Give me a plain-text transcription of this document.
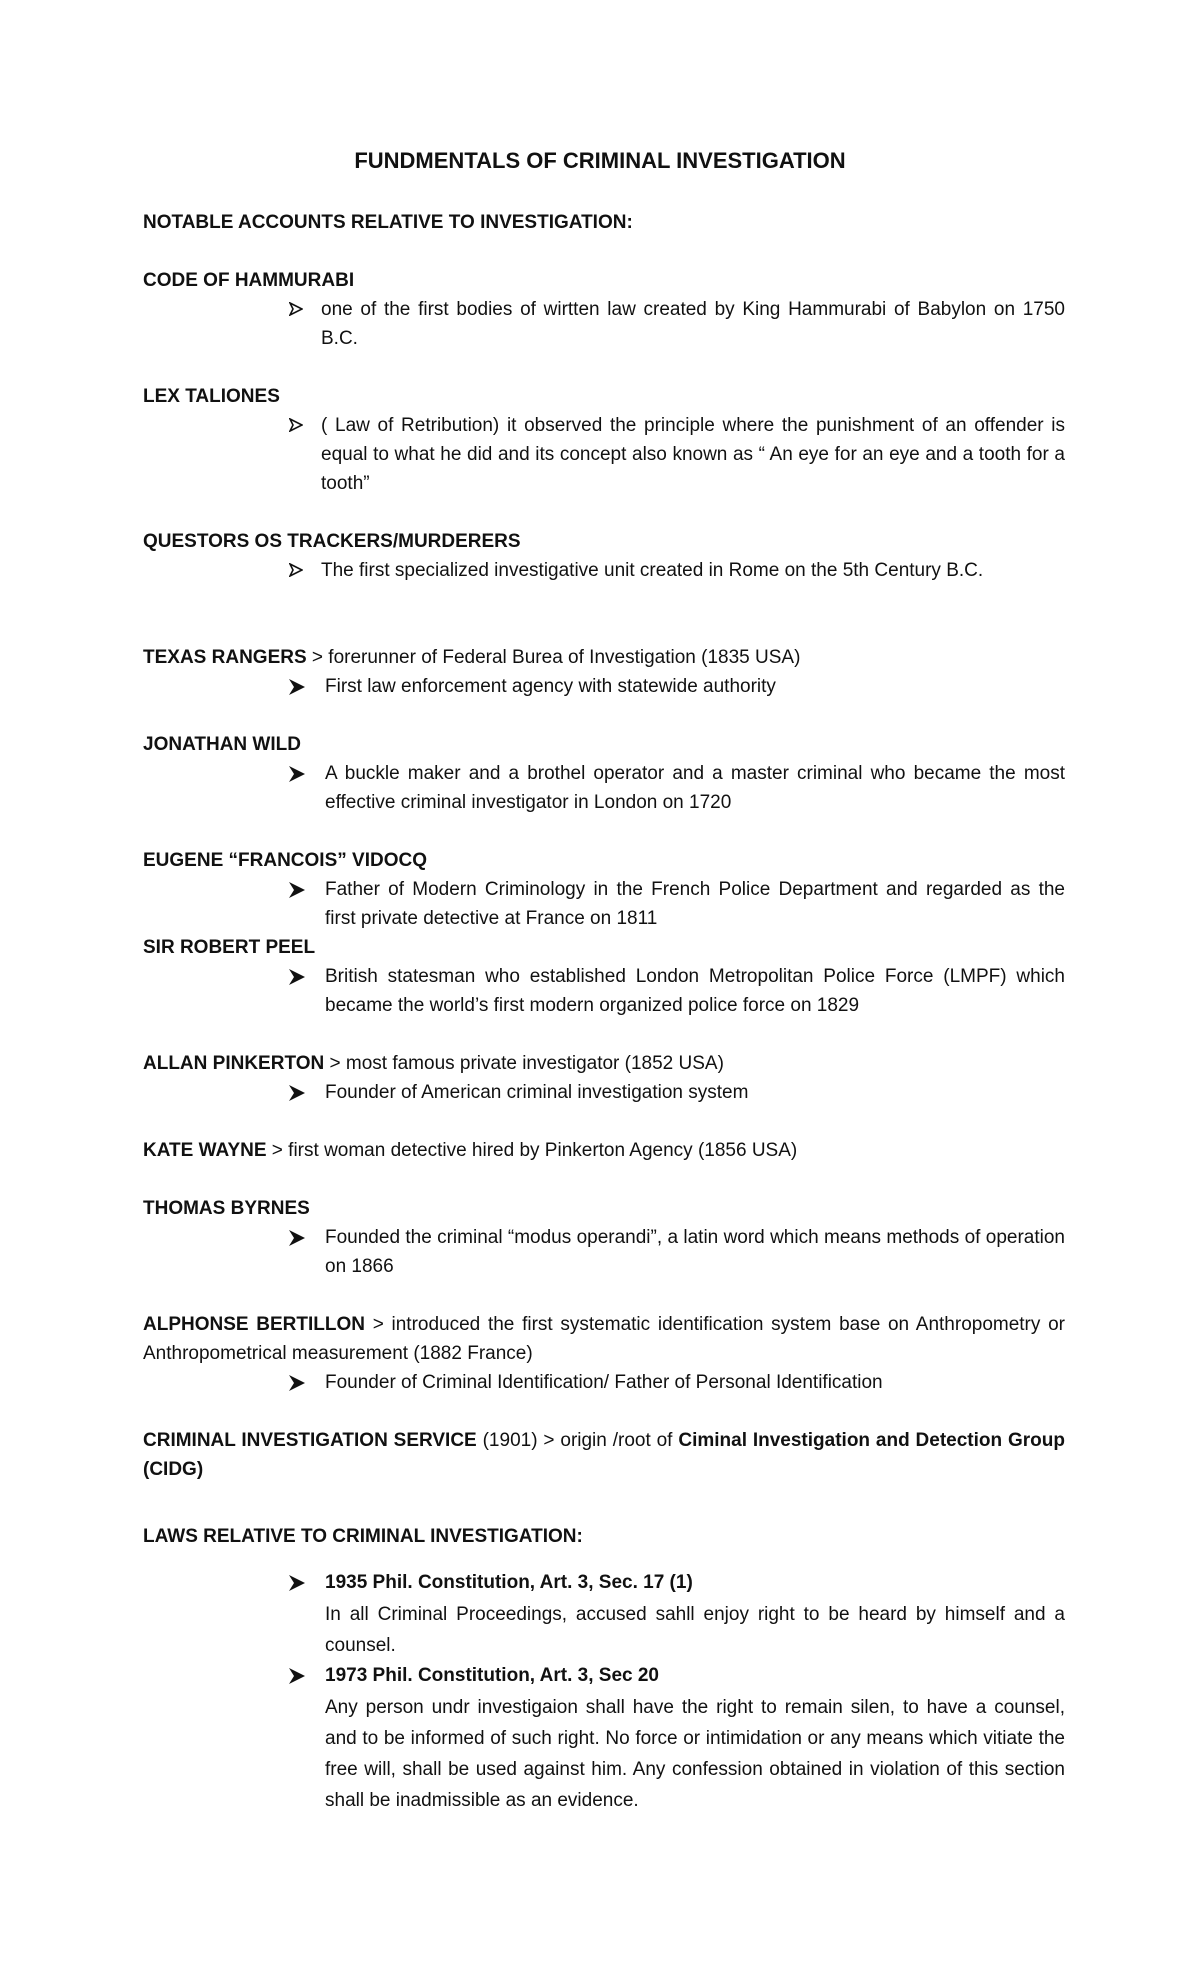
FUNDMENTALS OF CRIMINAL INVESTIGATION
NOTABLE ACCOUNTS RELATIVE TO INVESTIGATION:
CODE OF HAMMURABI
one of the first bodies of wirtten law created by King Hammurabi of Babylon on 1750 B.C.
LEX TALIONES
( Law of Retribution) it observed the principle where the punishment of an offender is equal to what he did and its concept also known as “ An eye for an eye and a tooth for a tooth”
QUESTORS OS TRACKERS/MURDERERS
The first specialized investigative unit created in Rome on the 5th Century B.C.
TEXAS RANGERS > forerunner of Federal Burea of Investigation (1835 USA)
First law enforcement agency with statewide authority
JONATHAN WILD
A buckle maker and a brothel operator and a master criminal who became the most effective criminal investigator in London on 1720
EUGENE “FRANCOIS” VIDOCQ
Father of Modern Criminology in the French Police Department and regarded as the first private detective at France on 1811
SIR ROBERT PEEL
British statesman who established London Metropolitan Police Force (LMPF) which became the world’s first modern organized police force on 1829
ALLAN PINKERTON > most famous private investigator (1852 USA)
Founder of American criminal investigation system
KATE WAYNE > first woman detective hired by Pinkerton Agency (1856 USA)
THOMAS BYRNES
Founded the criminal “modus operandi”, a latin word which means methods of operation on 1866
ALPHONSE BERTILLON > introduced the first systematic identification system base on Anthropometry or Anthropometrical measurement (1882 France)
Founder of Criminal Identification/ Father of Personal Identification
CRIMINAL INVESTIGATION SERVICE (1901) > origin /root of Ciminal Investigation and Detection Group (CIDG)
LAWS RELATIVE TO CRIMINAL INVESTIGATION:
1935 Phil. Constitution, Art. 3, Sec. 17 (1)
In all Criminal Proceedings, accused sahll enjoy right to be heard by himself and a counsel.
1973 Phil. Constitution, Art. 3, Sec 20
Any person undr investigaion shall have the right to remain silen, to have a counsel, and to be informed of such right. No force or intimidation or any means which vitiate the free will, shall be used against him. Any confession obtained in violation of this section shall be inadmissible as an evidence.
